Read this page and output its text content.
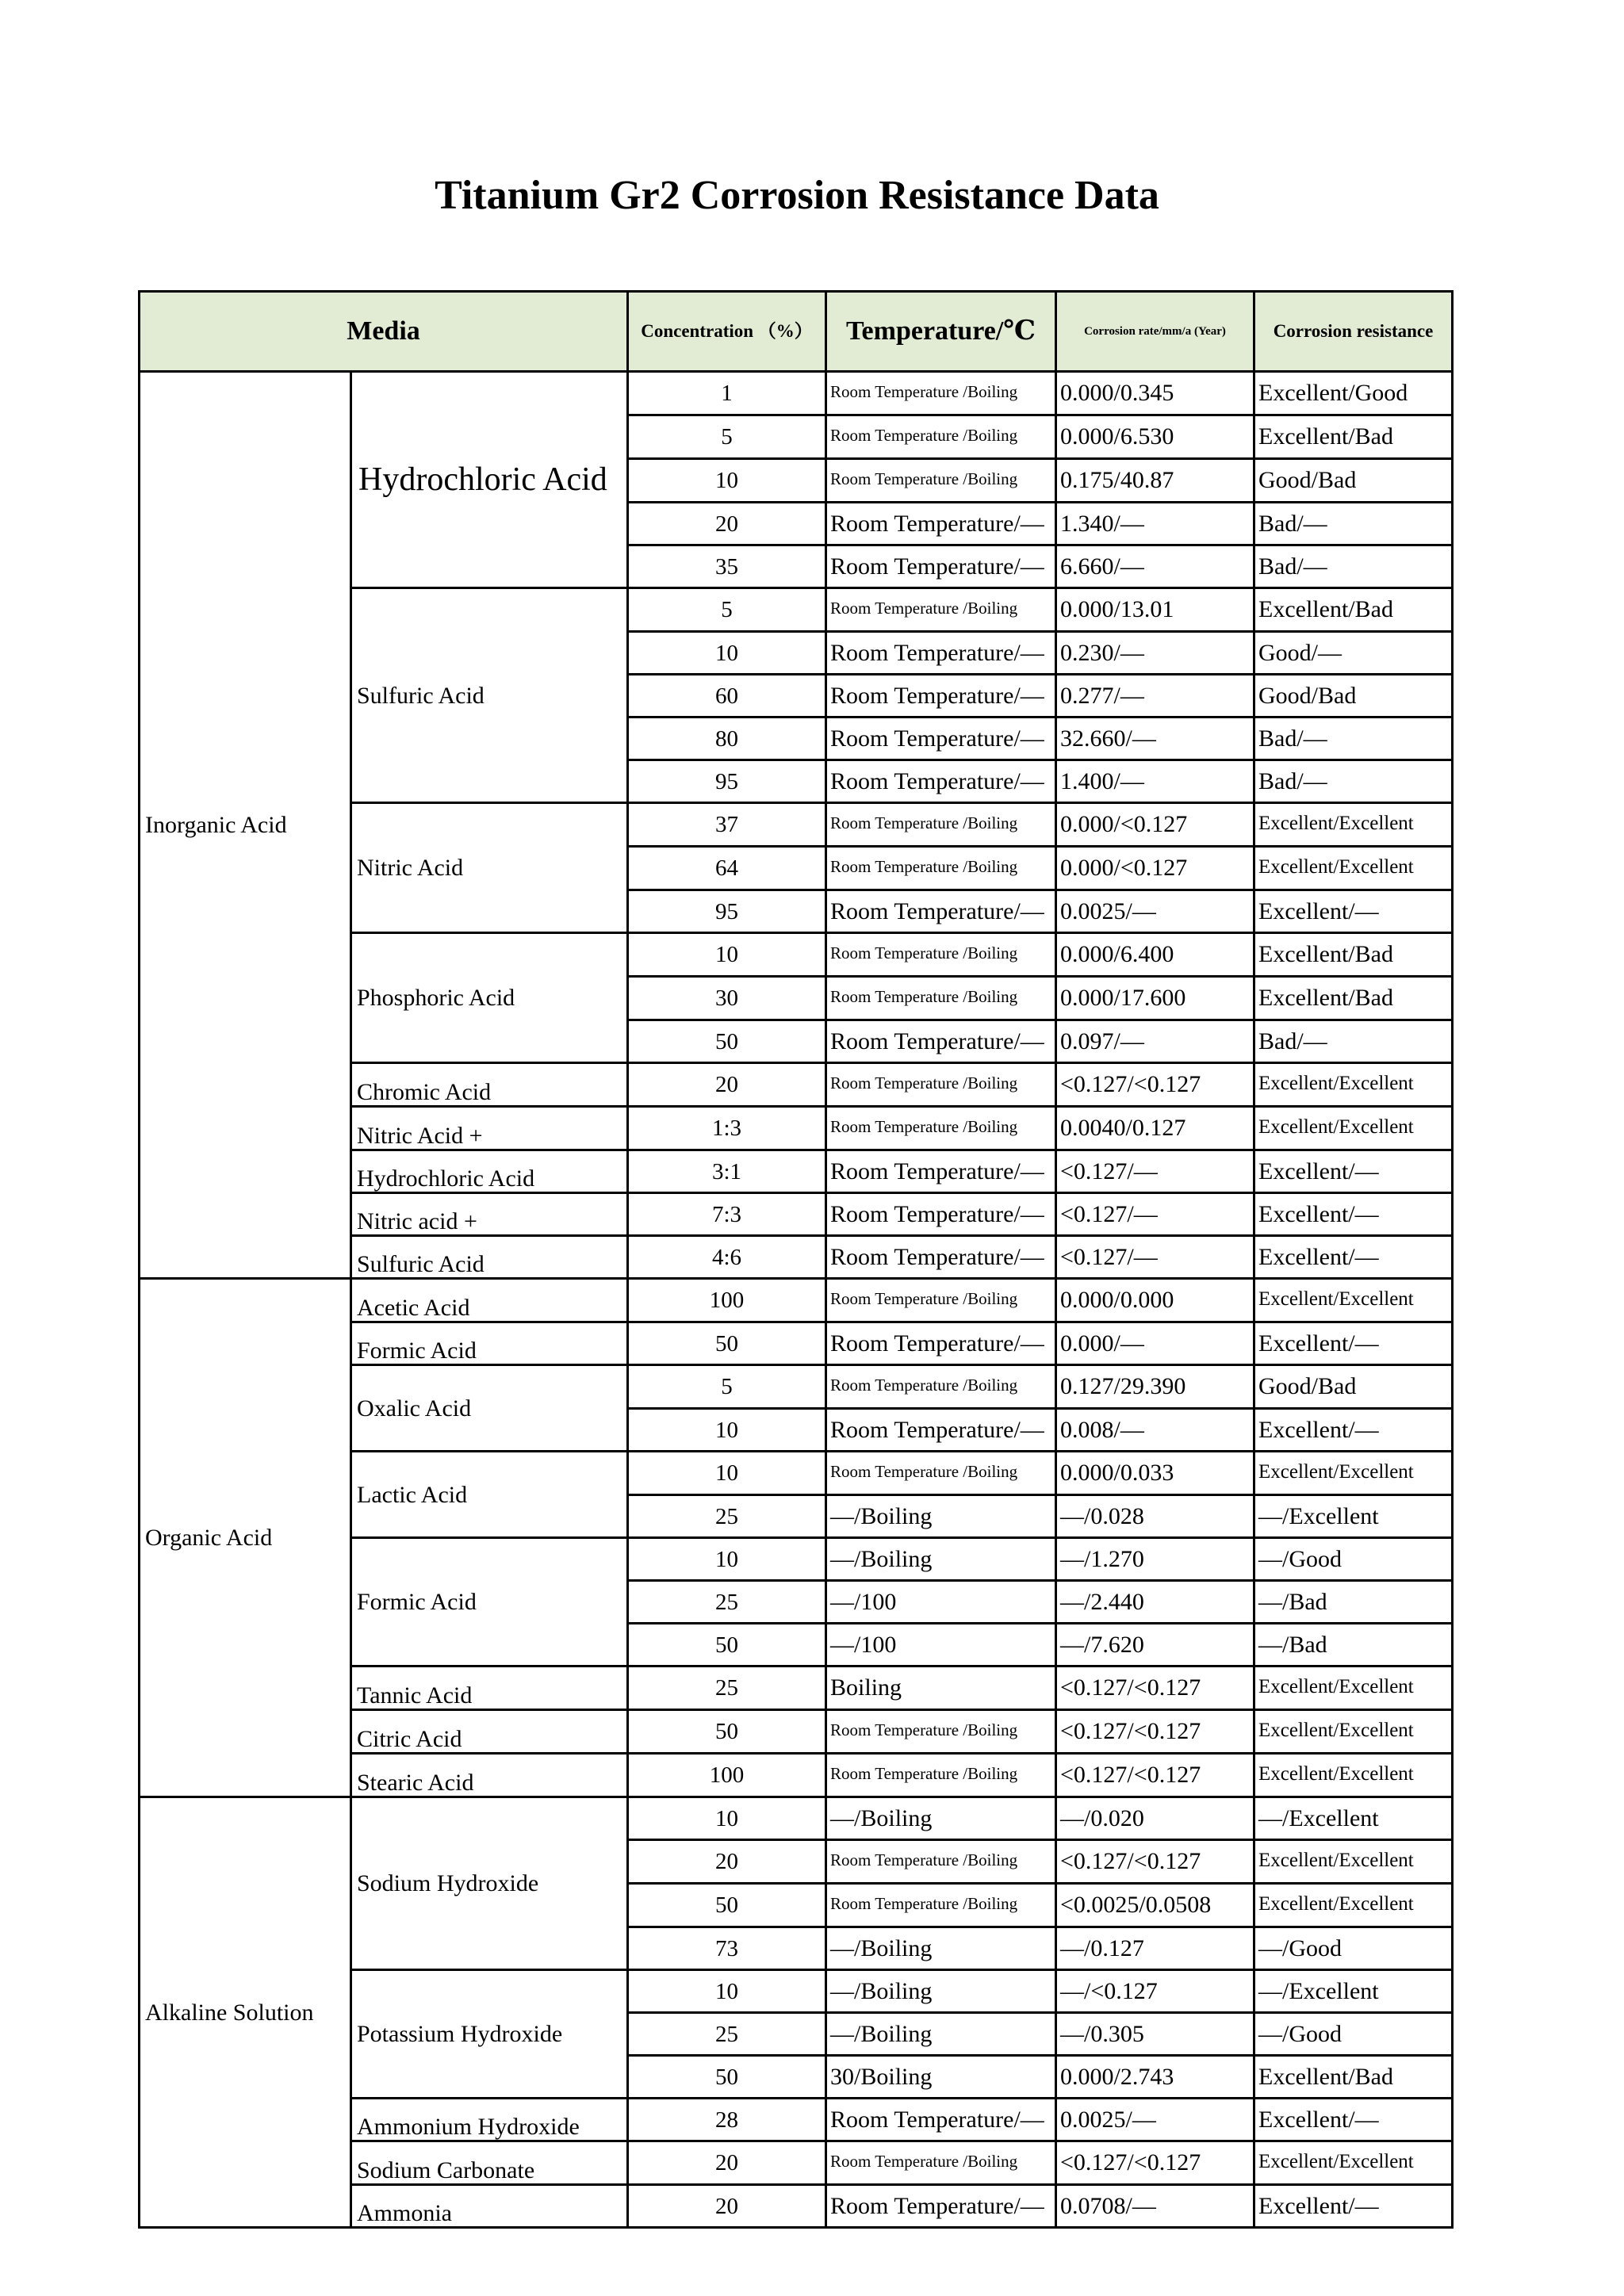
Titanium Gr2 Corrosion Resistance Data
Media		Concentration （%）	Temperature/℃	Corrosion rate/mm/a (Year)	Corrosion resistance
Inorganic Acid	Hydrochloric Acid	1	Room Temperature /Boiling	0.000/0.345	Excellent/Good
		5	Room Temperature /Boiling	0.000/6.530	Excellent/Bad
		10	Room Temperature /Boiling	0.175/40.87	Good/Bad
		20	Room Temperature/—	1.340/—	Bad/—
		35	Room Temperature/—	6.660/—	Bad/—
	Sulfuric Acid	5	Room Temperature /Boiling	0.000/13.01	Excellent/Bad
		10	Room Temperature/—	0.230/—	Good/—
		60	Room Temperature/—	0.277/—	Good/Bad
		80	Room Temperature/—	32.660/—	Bad/—
		95	Room Temperature/—	1.400/—	Bad/—
	Nitric Acid	37	Room Temperature /Boiling	0.000/<0.127	Excellent/Excellent
		64	Room Temperature /Boiling	0.000/<0.127	Excellent/Excellent
		95	Room Temperature/—	0.0025/—	Excellent/—
	Phosphoric Acid	10	Room Temperature /Boiling	0.000/6.400	Excellent/Bad
		30	Room Temperature /Boiling	0.000/17.600	Excellent/Bad
		50	Room Temperature/—	0.097/—	Bad/—
	Chromic Acid	20	Room Temperature /Boiling	<0.127/<0.127	Excellent/Excellent
	Nitric Acid +	1:3	Room Temperature /Boiling	0.0040/0.127	Excellent/Excellent
	Hydrochloric Acid	3:1	Room Temperature/—	<0.127/—	Excellent/—
	Nitric acid +	7:3	Room Temperature/—	<0.127/—	Excellent/—
	Sulfuric Acid	4:6	Room Temperature/—	<0.127/—	Excellent/—
Organic Acid	Acetic Acid	100	Room Temperature /Boiling	0.000/0.000	Excellent/Excellent
	Formic Acid	50	Room Temperature/—	0.000/—	Excellent/—
	Oxalic Acid	5	Room Temperature /Boiling	0.127/29.390	Good/Bad
		10	Room Temperature/—	0.008/—	Excellent/—
	Lactic Acid	10	Room Temperature /Boiling	0.000/0.033	Excellent/Excellent
		25	—/Boiling	—/0.028	—/Excellent
	Formic Acid	10	—/Boiling	—/1.270	—/Good
		25	—/100	—/2.440	—/Bad
		50	—/100	—/7.620	—/Bad
	Tannic Acid	25	Boiling	<0.127/<0.127	Excellent/Excellent
	Citric Acid	50	Room Temperature /Boiling	<0.127/<0.127	Excellent/Excellent
	Stearic Acid	100	Room Temperature /Boiling	<0.127/<0.127	Excellent/Excellent
Alkaline Solution	Sodium Hydroxide	10	—/Boiling	—/0.020	—/Excellent
		20	Room Temperature /Boiling	<0.127/<0.127	Excellent/Excellent
		50	Room Temperature /Boiling	<0.0025/0.0508	Excellent/Excellent
		73	—/Boiling	—/0.127	—/Good
	Potassium Hydroxide	10	—/Boiling	—/<0.127	—/Excellent
		25	—/Boiling	—/0.305	—/Good
		50	30/Boiling	0.000/2.743	Excellent/Bad
	Ammonium Hydroxide	28	Room Temperature/—	0.0025/—	Excellent/—
	Sodium Carbonate	20	Room Temperature /Boiling	<0.127/<0.127	Excellent/Excellent
	Ammonia	20	Room Temperature/—	0.0708/—	Excellent/—
